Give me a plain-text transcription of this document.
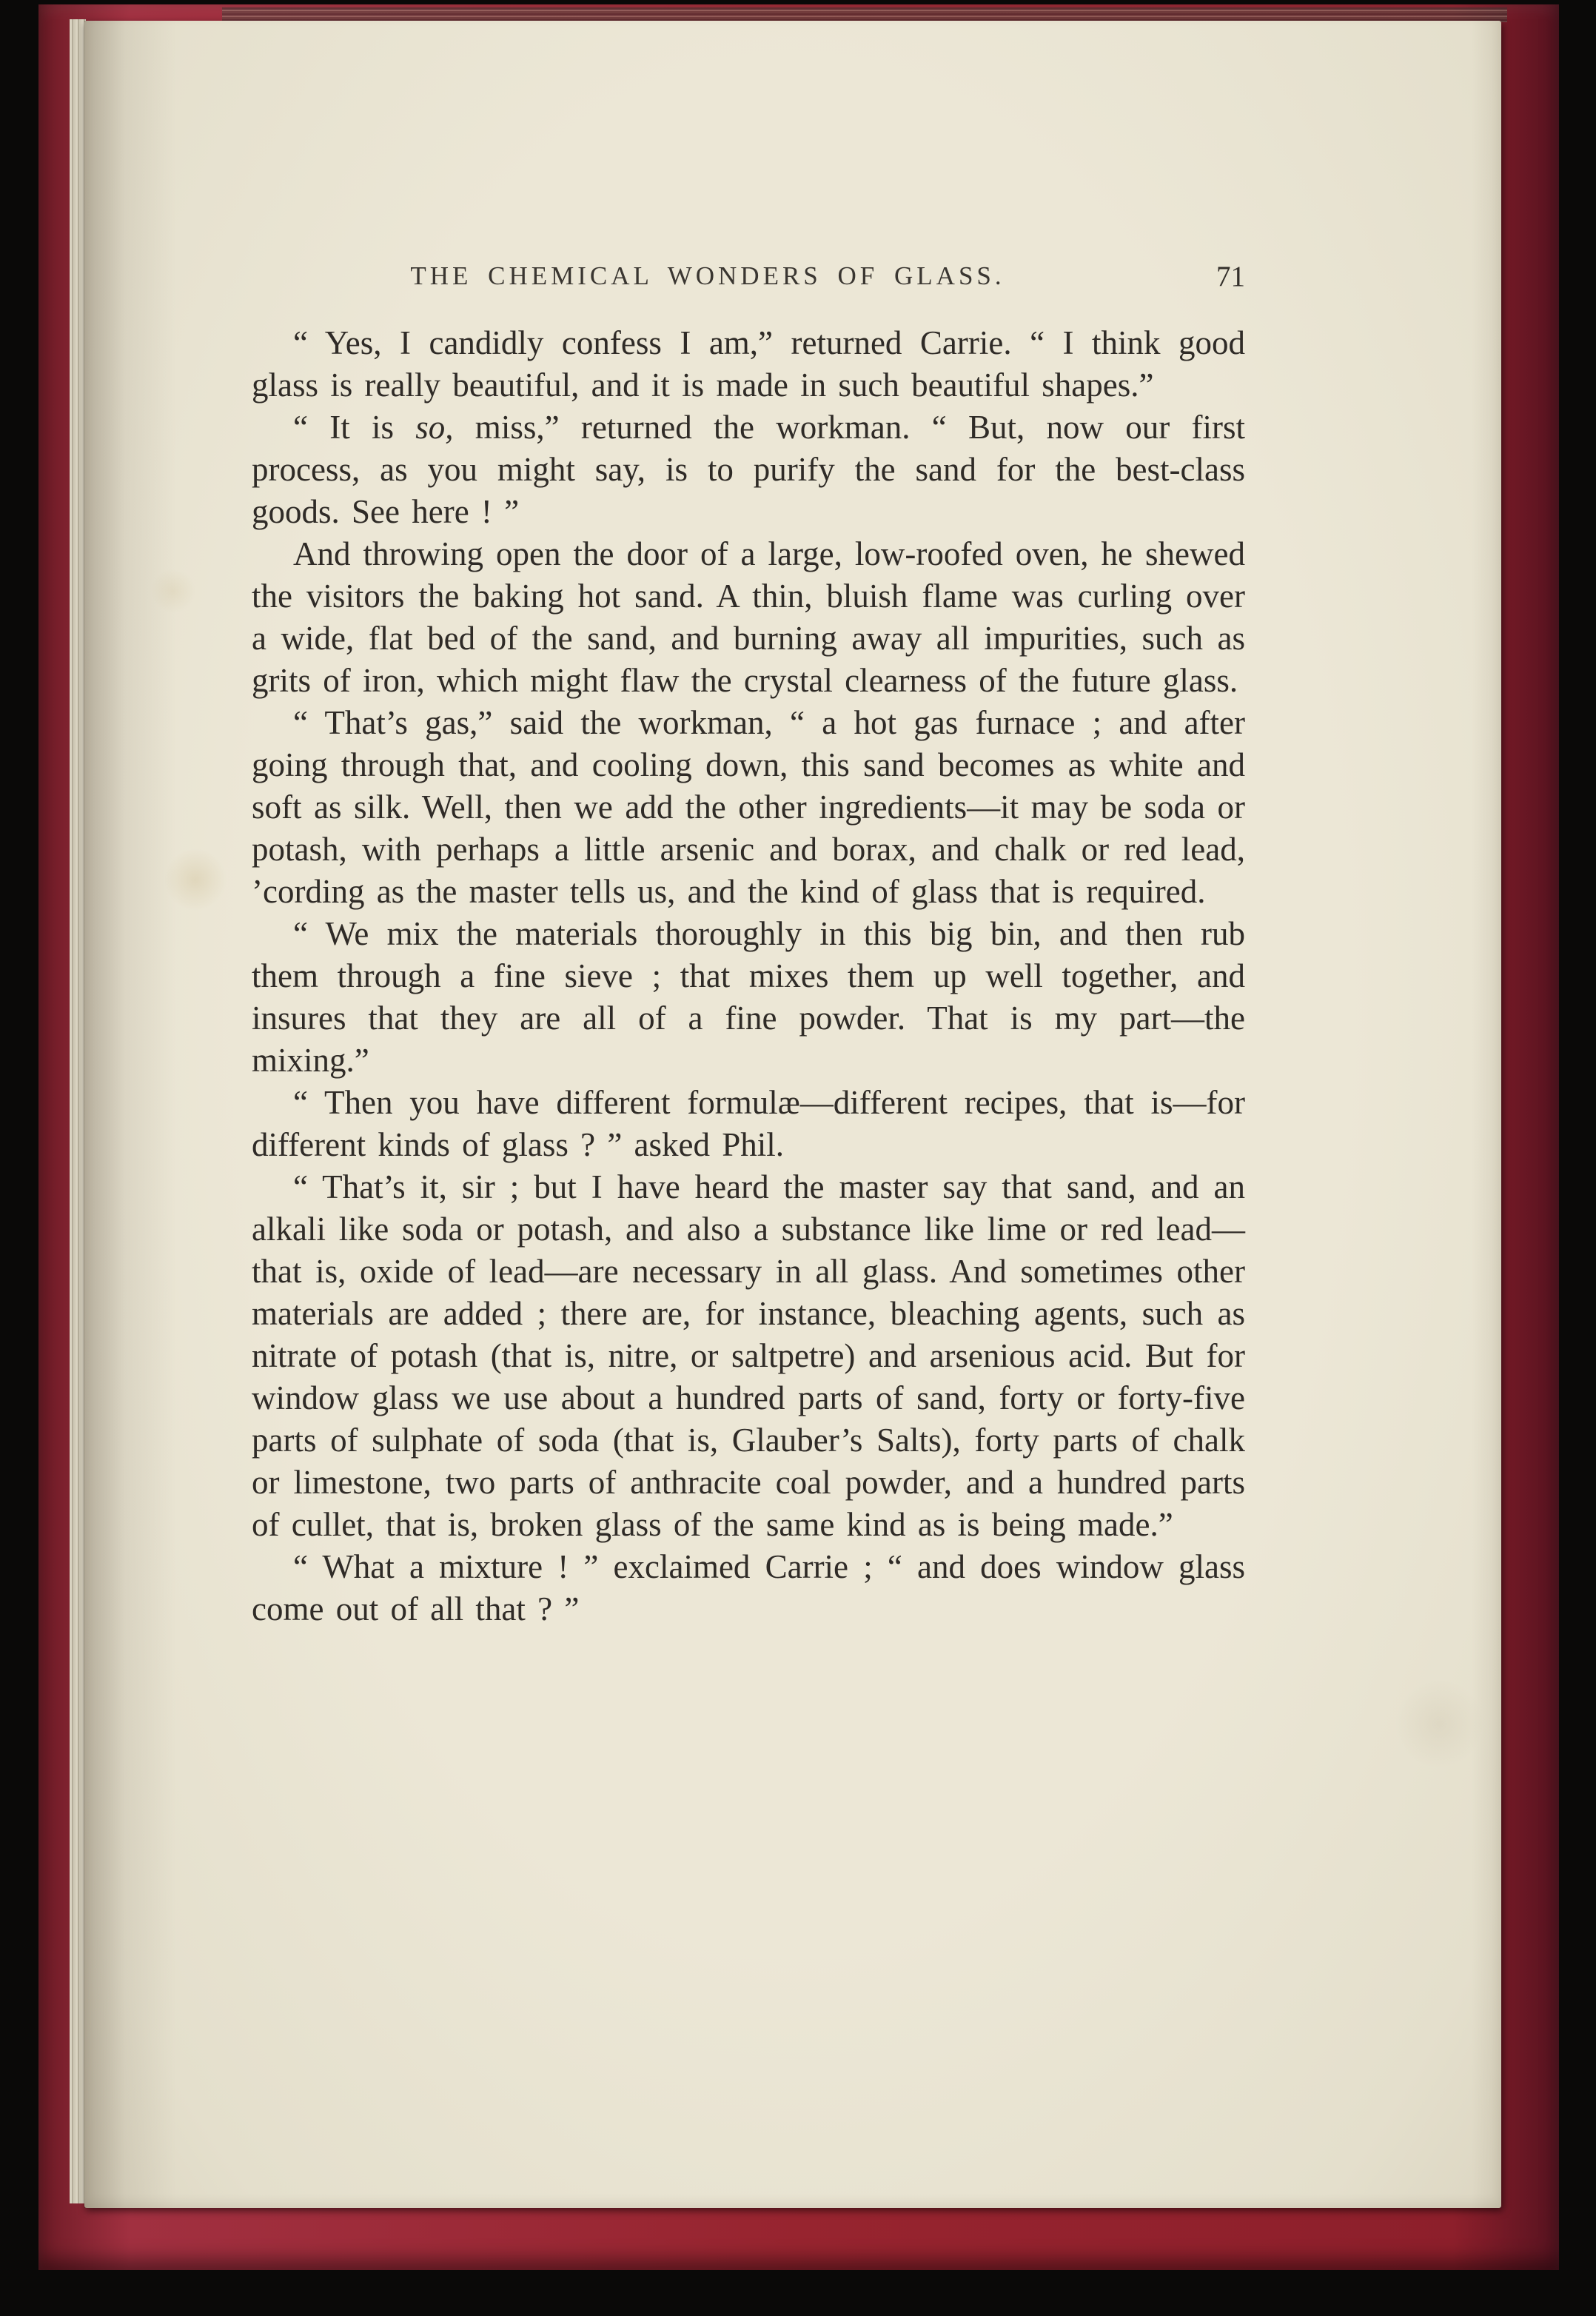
THE CHEMICAL WONDERS OF GLASS.	71

“ Yes, I candidly confess I am,” returned Carrie. “ I think good glass is really beautiful, and it is made in such beautiful shapes.”

“ It is so, miss,” returned the workman. “ But, now our first process, as you might say, is to purify the sand for the best-class goods. See here ! ”

And throwing open the door of a large, low-roofed oven, he shewed the visitors the baking hot sand. A thin, bluish flame was curling over a wide, flat bed of the sand, and burning away all impurities, such as grits of iron, which might flaw the crystal clearness of the future glass.

“ That’s gas,” said the workman, “ a hot gas furnace ; and after going through that, and cooling down, this sand becomes as white and soft as silk. Well, then we add the other ingredients—it may be soda or potash, with perhaps a little arsenic and borax, and chalk or red lead, ’cording as the master tells us, and the kind of glass that is required.

“ We mix the materials thoroughly in this big bin, and then rub them through a fine sieve ; that mixes them up well together, and insures that they are all of a fine powder. That is my part—the mixing.”

“ Then you have different formulæ—different recipes, that is—for different kinds of glass ? ” asked Phil.

“ That’s it, sir ; but I have heard the master say that sand, and an alkali like soda or potash, and also a substance like lime or red lead—that is, oxide of lead—are necessary in all glass. And sometimes other materials are added ; there are, for instance, bleaching agents, such as nitrate of potash (that is, nitre, or saltpetre) and arsenious acid. But for window glass we use about a hundred parts of sand, forty or forty-five parts of sulphate of soda (that is, Glauber’s Salts), forty parts of chalk or limestone, two parts of anthracite coal powder, and a hundred parts of cullet, that is, broken glass of the same kind as is being made.”

“ What a mixture ! ” exclaimed Carrie ; “ and does window glass come out of all that ? ”
